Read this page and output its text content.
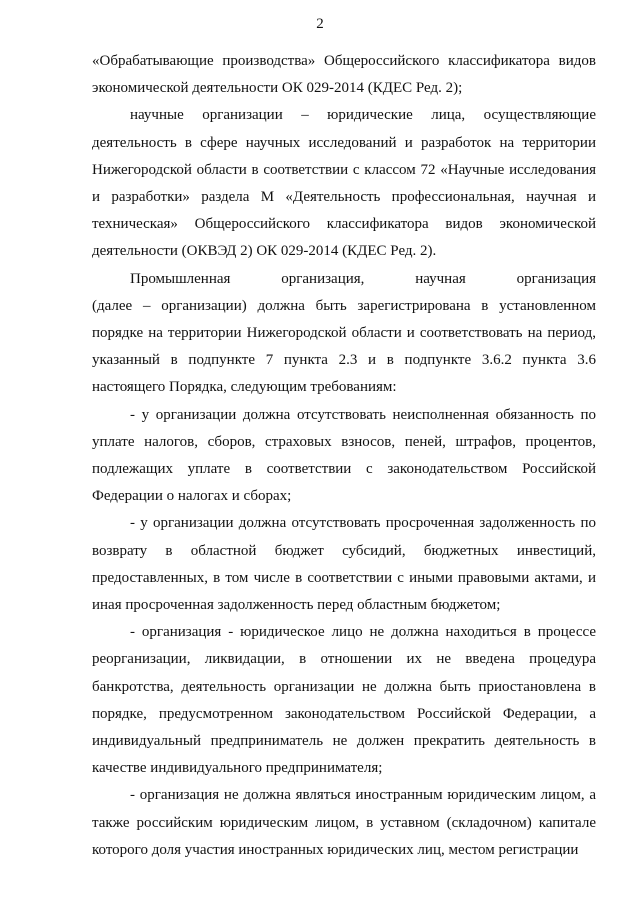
2

«Обрабатывающие производства» Общероссийского классификатора видов экономической деятельности ОК 029-2014 (КДЕС Ред. 2);

научные организации – юридические лица, осуществляющие деятельность в сфере научных исследований и разработок на территории Нижегородской области в соответствии с классом 72 «Научные исследования и разработки» раздела М «Деятельность профессиональная, научная и техническая» Общероссийского классификатора видов экономической деятельности (ОКВЭД 2) ОК 029-2014 (КДЕС Ред. 2).

Промышленная организация, научная организация

(далее – организации) должна быть зарегистрирована в установленном порядке на территории Нижегородской области и соответствовать на период, указанный в подпункте 7 пункта 2.3 и в подпункте 3.6.2 пункта 3.6 настоящего Порядка, следующим требованиям:

- у организации должна отсутствовать неисполненная обязанность по уплате налогов, сборов, страховых взносов, пеней, штрафов, процентов, подлежащих уплате в соответствии с законодательством Российской Федерации о налогах и сборах;

- у организации должна отсутствовать просроченная задолженность по возврату в областной бюджет субсидий, бюджетных инвестиций, предоставленных, в том числе в соответствии с иными правовыми актами, и иная просроченная задолженность перед областным бюджетом;

- организация - юридическое лицо не должна находиться в процессе реорганизации, ликвидации, в отношении их не введена процедура банкротства, деятельность организации не должна быть приостановлена в порядке, предусмотренном законодательством Российской Федерации, а индивидуальный предприниматель не должен прекратить деятельность в качестве индивидуального предпринимателя;

- организация не должна являться иностранным юридическим лицом, а также российским юридическим лицом, в уставном (складочном) капитале которого доля участия иностранных юридических лиц, местом регистрации
